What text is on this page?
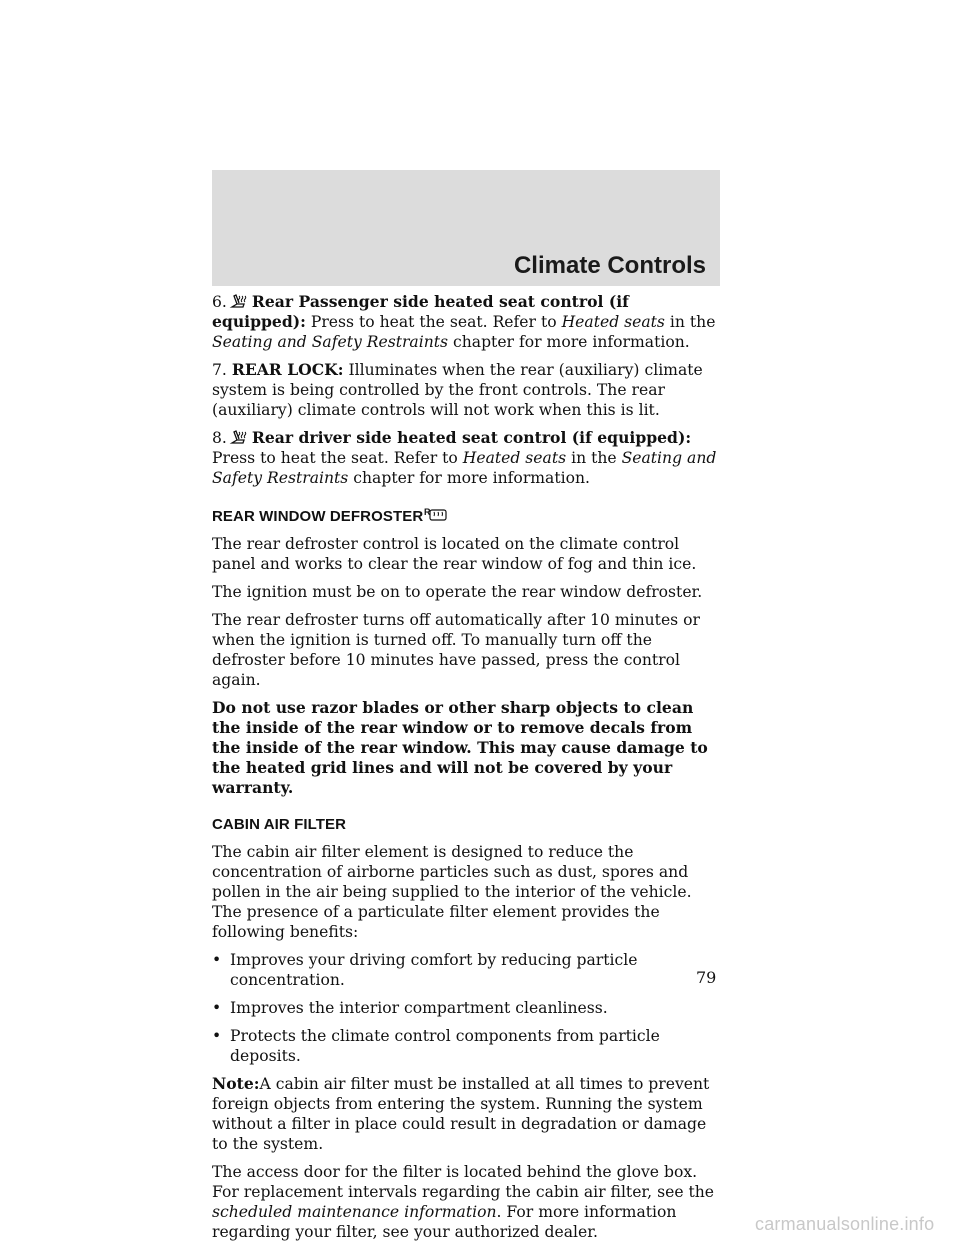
Climate Controls

6. Rear Passenger side heated seat control (if equipped): Press to heat the seat. Refer to Heated seats in the Seating and Safety Restraints chapter for more information.

7. REAR LOCK: Illuminates when the rear (auxiliary) climate system is being controlled by the front controls. The rear (auxiliary) climate controls will not work when this is lit.

8. Rear driver side heated seat control (if equipped): Press to heat the seat. Refer to Heated seats in the Seating and Safety Restraints chapter for more information.

REAR WINDOW DEFROSTER R

The rear defroster control is located on the climate control panel and works to clear the rear window of fog and thin ice.

The ignition must be on to operate the rear window defroster.

The rear defroster turns off automatically after 10 minutes or when the ignition is turned off. To manually turn off the defroster before 10 minutes have passed, press the control again.

Do not use razor blades or other sharp objects to clean the inside of the rear window or to remove decals from the inside of the rear window. This may cause damage to the heated grid lines and will not be covered by your warranty.

CABIN AIR FILTER

The cabin air filter element is designed to reduce the concentration of airborne particles such as dust, spores and pollen in the air being supplied to the interior of the vehicle. The presence of a particulate filter element provides the following benefits:

• Improves your driving comfort by reducing particle concentration.

• Improves the interior compartment cleanliness.

• Protects the climate control components from particle deposits.

Note:A cabin air filter must be installed at all times to prevent foreign objects from entering the system. Running the system without a filter in place could result in degradation or damage to the system.

The access door for the filter is located behind the glove box. For replacement intervals regarding the cabin air filter, see the scheduled maintenance information. For more information regarding your filter, see your authorized dealer.

79
carmanualsonline.info
